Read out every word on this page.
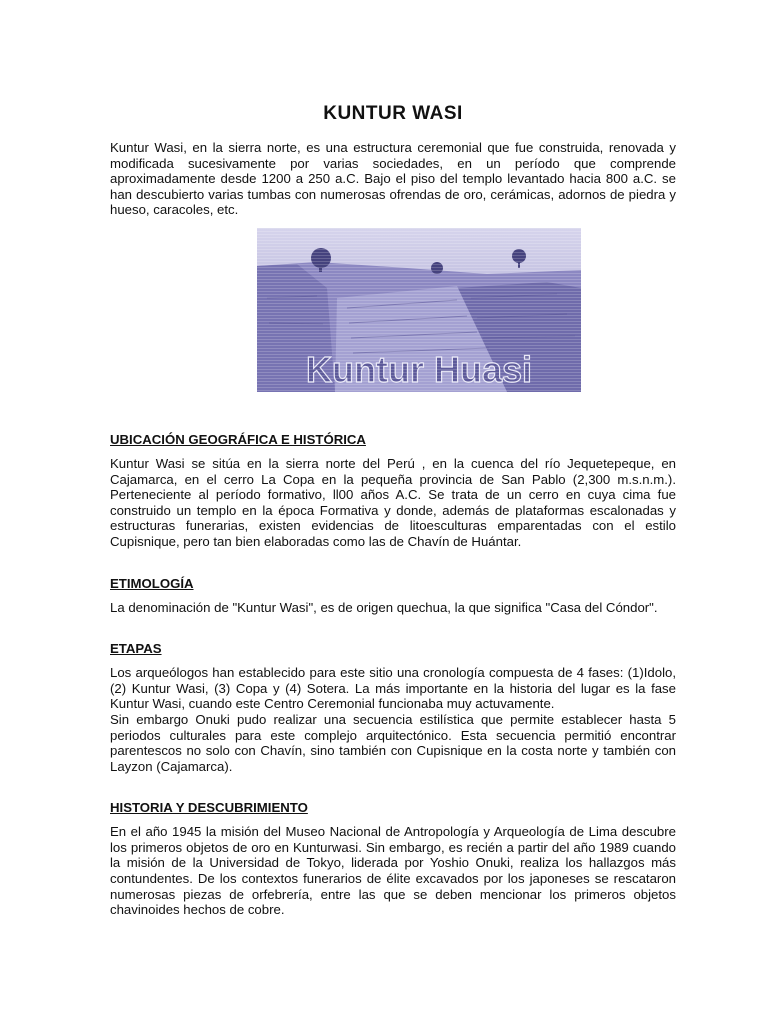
KUNTUR WASI

Kuntur Wasi, en la sierra norte, es una estructura ceremonial que fue construida, renovada y modificada sucesivamente por varias sociedades, en un período que comprende aproximadamente desde 1200 a 250 a.C. Bajo el piso del templo levantado hacia 800 a.C. se han descubierto varias tumbas con numerosas ofrendas de oro, cerámicas, adornos de piedra y hueso, caracoles, etc.

UBICACIÓN GEOGRÁFICA E HISTÓRICA

Kuntur Wasi se sitúa en la sierra norte del Perú , en la cuenca del río Jequetepeque, en Cajamarca, en el cerro La Copa en la pequeña provincia de San Pablo (2,300 m.s.n.m.). Perteneciente al período formativo, ll00 años A.C. Se trata de un cerro en cuya cima fue construido un templo en la época Formativa y donde, además de plataformas escalonadas y estructuras funerarias, existen evidencias de litoesculturas emparentadas con el estilo Cupisnique, pero tan bien elaboradas como las de Chavín de Huántar.

ETIMOLOGÍA

La denominación de "Kuntur Wasi", es de origen quechua, la que significa "Casa del Cóndor".

ETAPAS

Los arqueólogos han establecido para este sitio una cronología compuesta de 4 fases: (1)Idolo, (2) Kuntur Wasi, (3) Copa y (4) Sotera. La más importante en la historia del lugar es la fase Kuntur Wasi, cuando este Centro Ceremonial funcionaba muy actuvamente.

Sin embargo Onuki pudo realizar una secuencia estilística que permite establecer hasta 5 periodos culturales para este complejo arquitectónico. Esta secuencia permitió encontrar parentescos no solo con Chavín, sino también con Cupisnique en la costa norte y también con Layzon (Cajamarca).

HISTORIA Y DESCUBRIMIENTO

En el año 1945 la misión del Museo Nacional de Antropología y Arqueología de Lima descubre los primeros objetos de oro en Kunturwasi. Sin embargo, es recién a partir del año 1989 cuando la misión de la Universidad de Tokyo, liderada por Yoshio Onuki, realiza los hallazgos más contundentes. De los contextos funerarios de élite excavados por los japoneses se rescataron numerosas piezas de orfebrería, entre las que se deben mencionar los primeros objetos chavinoides hechos de cobre.
